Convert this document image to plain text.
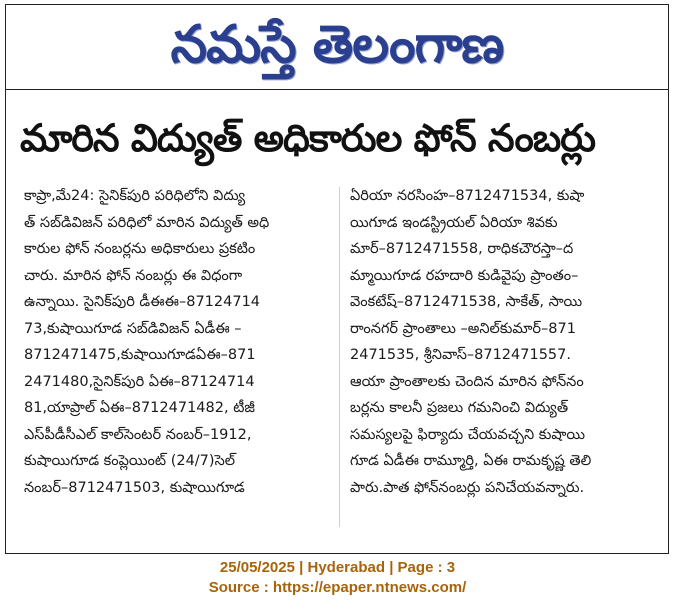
నమస్తే తెలంగాణ
మారిన విద్యుత్ అధికారుల ఫోన్ నంబర్లు
కాప్రా,మే24: సైనిక్‌పురి పరిధిలోని విద్యు
త్ సబ్‌డివిజన్ పరిధిలో మారిన విద్యుత్ అధి
కారుల ఫోన్ నంబర్లను అధికారులు ప్రకటిం
చారు. మారిన ఫోన్ నంబర్లు ఈ విధంగా
ఉన్నాయి. సైనిక్‌పురి డీఈఈ–87124714
73,కుషాయిగూడ సబ్‌డివిజన్ ఏడీఈ –
8712471475,కుషాయిగూడఏఈ–871
2471480,సైనిక్‌పురి ఏఈ–87124714
81,యాప్రాల్ ఏఈ–8712471482, టీజీ
ఎస్‌పీడీసీఎల్ కాల్‌సెంటర్ నంబర్–1912,
కుషాయిగూడ కంప్లెయింట్ (24/7)సెల్
నంబర్–8712471503, కుషాయిగూడ
ఏరియా నరసింహ–8712471534, కుషా
యిగూడ ఇండస్ట్రియల్ ఏరియా శివకు
మార్–8712471558, రాధికచౌరస్తా–ద
మ్మాయిగూడ రహదారి కుడివైపు ప్రాంతం–
వెంకటేష్–8712471538, సాకేత్, సాయి
రాంనగర్ ప్రాంతాలు –అనిల్‌కుమార్–871
2471535, శ్రీనివాస్–8712471557.
ఆయా ప్రాంతాలకు చెందిన మారిన ఫోన్‌నం
బర్లను కాలనీ ప్రజలు గమనించి విద్యుత్
సమస్యలపై ఫిర్యాదు చేయవచ్చని కుషాయి
గూడ ఏడీఈ రామ్మూర్తి, ఏఈ రామకృష్ణ తెలి
పారు.పాత ఫోన్‌నంబర్లు పనిచేయవన్నారు.
25/05/2025 | Hyderabad | Page : 3
Source : https://epaper.ntnews.com/
